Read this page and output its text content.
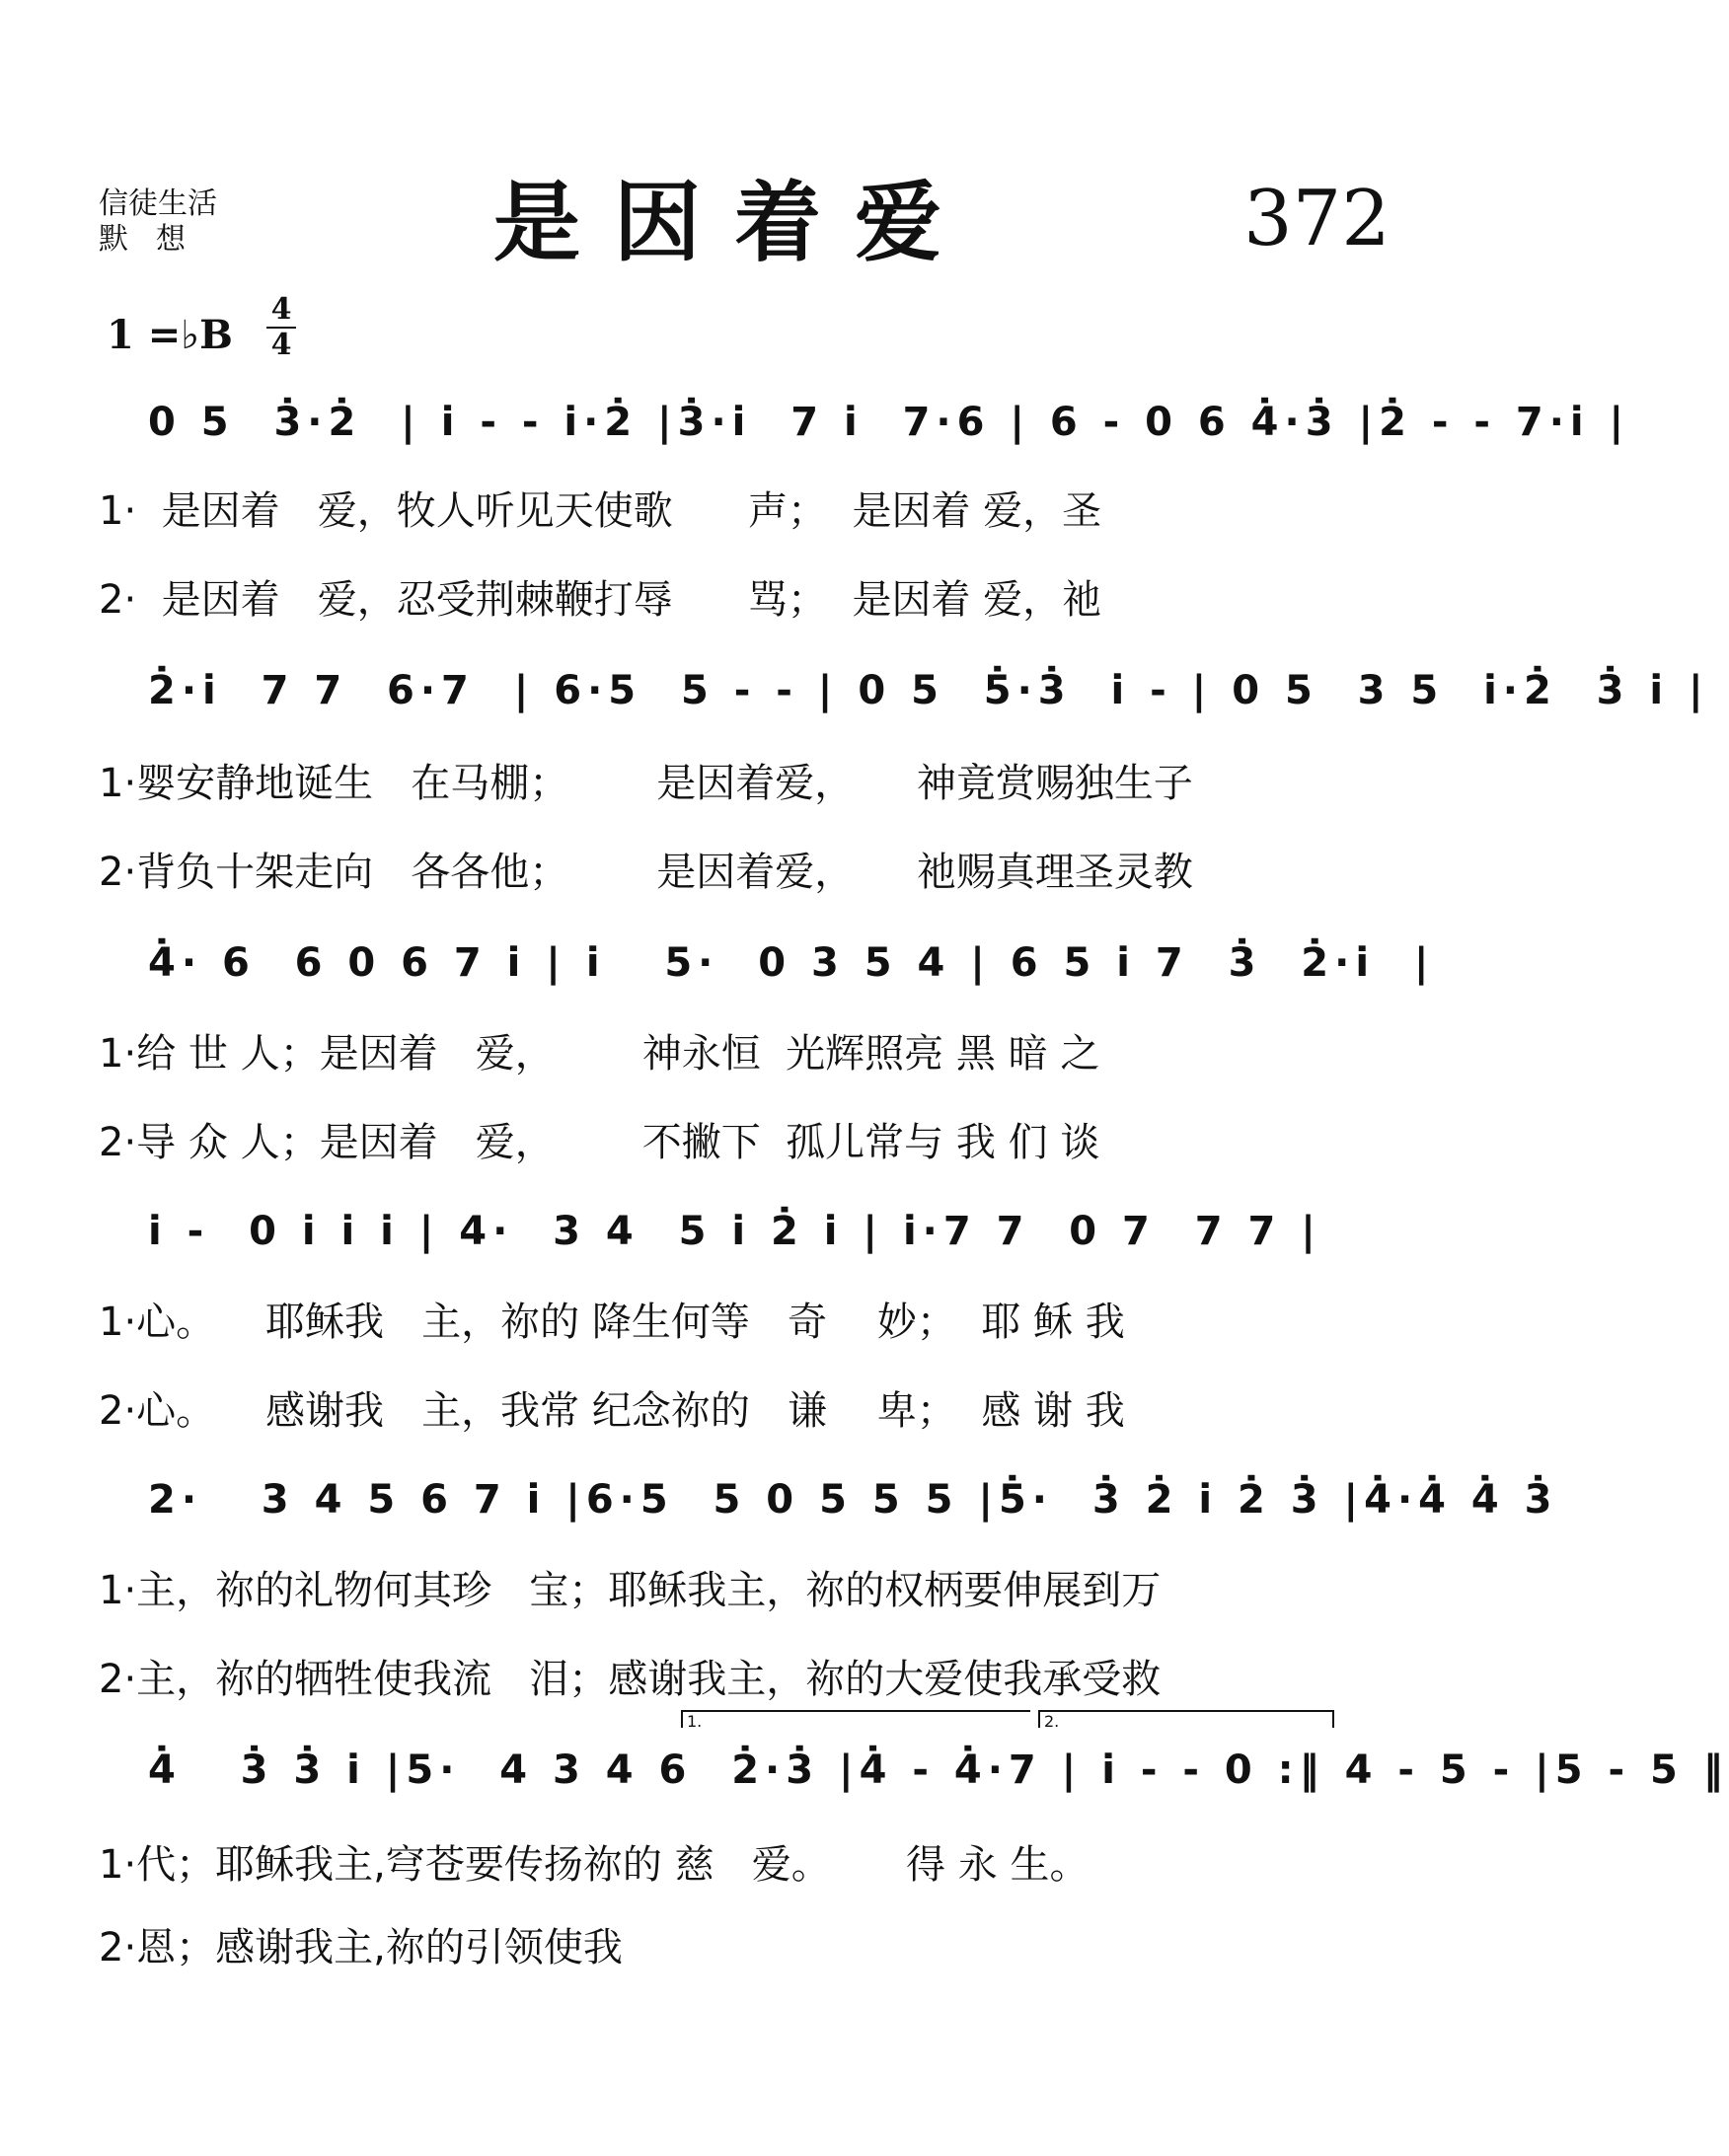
信徒生活
默想	是因着爱	372
1 =♭B
4
4
0 5  3̇·2̇  | i̇ - - i̇·2̇ |3̇·i̇  7 i̇  7·6 | 6 - 0 6 4̇·3̇ |2̇ - - 7·i̇ |
1·  是因着   爱，牧人听见天使歌      声；  是因着 爱，圣
2·  是因着   爱，忍受荆棘鞭打辱      骂；  是因着 爱，祂
2̇·i̇  7 7  6·7  | 6·5  5 - - | 0 5  5̇·3̇  i̇ - | 0 5  3 5  i̇·2̇  3̇ i̇ |
1·婴安静地诞生   在马棚；       是因着爱，     神竟赏赐独生子
2·背负十架走向   各各他；       是因着爱，     祂赐真理圣灵教
4̇· 6  6 0 6 7 i̇ | i̇   5·  0 3 5 4 | 6 5 i̇ 7  3̇  2̇·i̇  |
1·给 世 人；是因着   爱，       神永恒  光辉照亮 黑 暗 之
2·导 众 人；是因着   爱，       不撇下  孤儿常与 我 们 谈
i̇ -  0 i̇ i̇ i̇ | 4·  3 4  5 i̇ 2̇ i̇ | i̇·7 7  0 7  7 7 |
1·心。    耶稣我   主，祢的 降生何等   奇    妙；  耶 稣 我
2·心。    感谢我   主，我常 纪念祢的   谦    卑；  感 谢 我
2·   3 4 5 6 7 i̇ |6·5  5 0 5 5 5 |5̇·  3̇ 2̇ i̇ 2̇ 3̇ |4̇·4̇ 4̇ 3̇
1·主，祢的礼物何其珍   宝；耶稣我主，祢的权柄要伸展到万
2·主，祢的牺牲使我流   泪；感谢我主，祢的大爱使我承受救
1.	2.
4̇   3̇ 3̇ i̇ |5·  4 3 4 6  2̇·3̇ |4̇ - 4̇·7 | i̇ - - 0 :‖ 4 - 5 - |5 - 5 ‖
1·代；耶稣我主,穹苍要传扬祢的 慈   爱。      得 永 生。
2·恩；感谢我主,祢的引领使我
